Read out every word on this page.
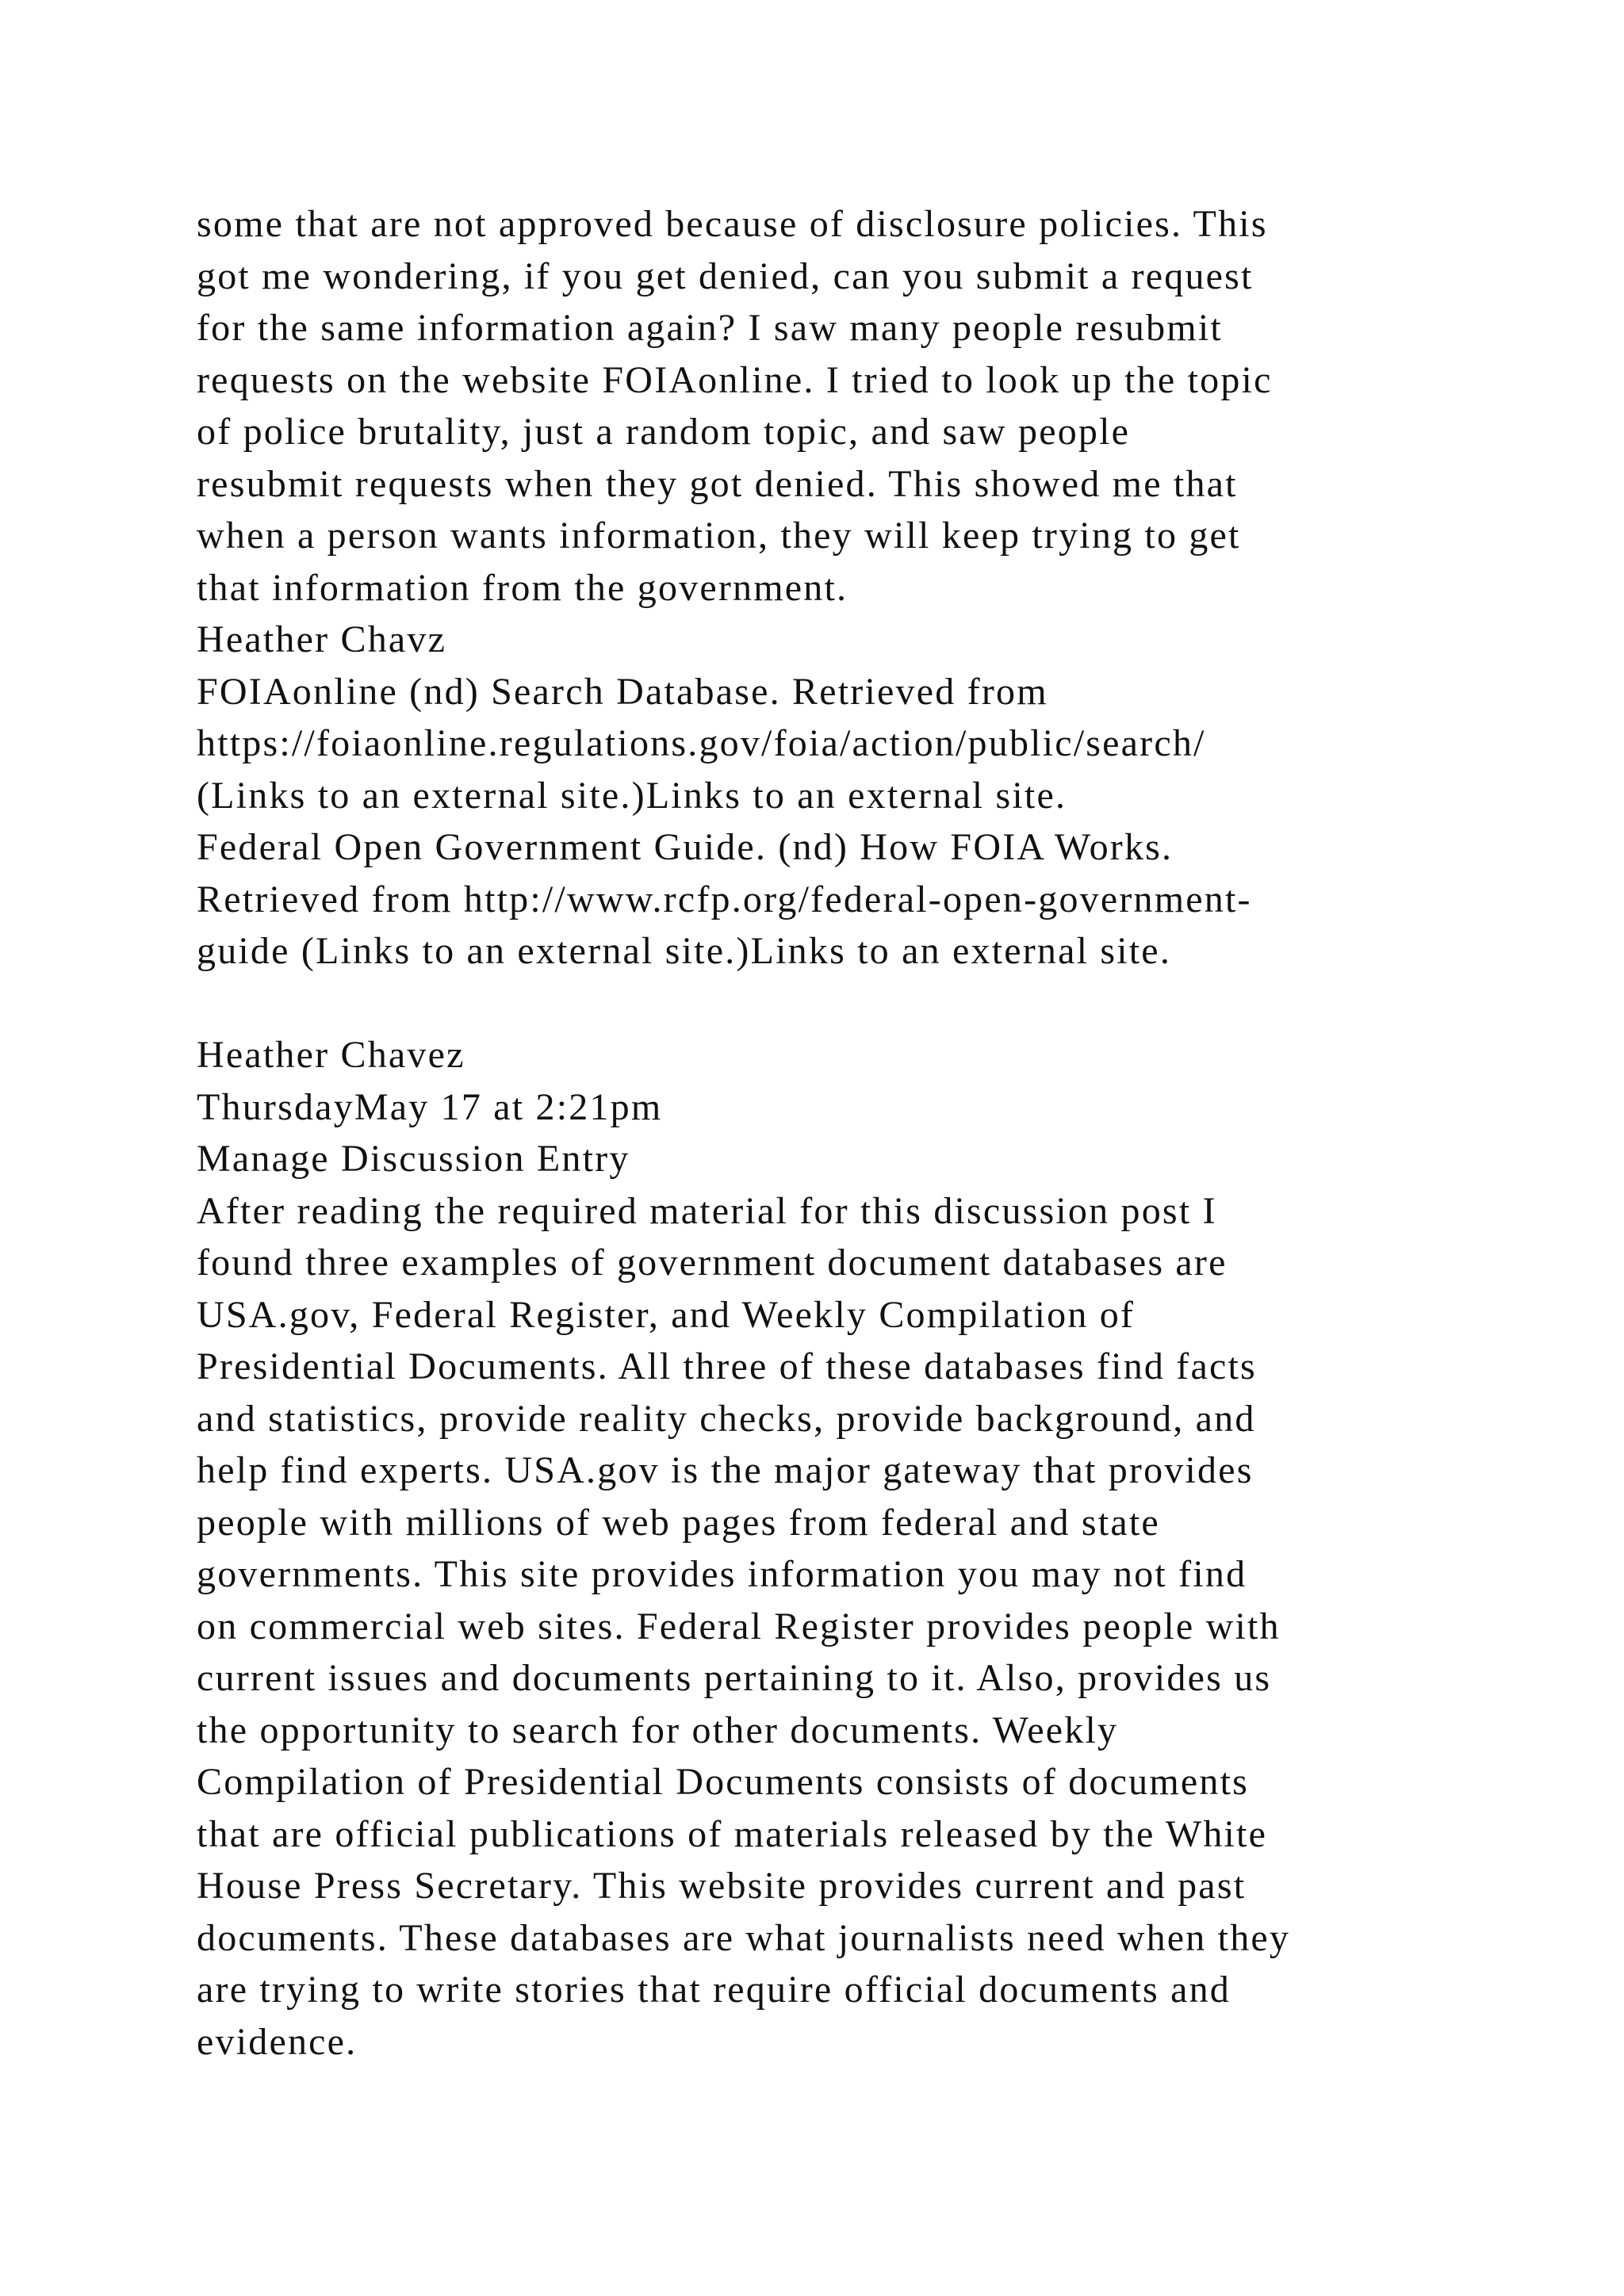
some that are not approved because of disclosure policies. This
got me wondering, if you get denied, can you submit a request
for the same information again? I saw many people resubmit
requests on the website FOIAonline. I tried to look up the topic
of police brutality, just a random topic, and saw people
resubmit requests when they got denied. This showed me that
when a person wants information, they will keep trying to get
that information from the government.
Heather Chavz
FOIAonline (nd) Search Database. Retrieved from
https://foiaonline.regulations.gov/foia/action/public/search/
(Links to an external site.)Links to an external site.
Federal Open Government Guide. (nd) How FOIA Works.
Retrieved from http://www.rcfp.org/federal-open-government-
guide (Links to an external site.)Links to an external site.
Heather Chavez
ThursdayMay 17 at 2:21pm
Manage Discussion Entry
After reading the required material for this discussion post I
found three examples of government document databases are
USA.gov, Federal Register, and Weekly Compilation of
Presidential Documents. All three of these databases find facts
and statistics, provide reality checks, provide background, and
help find experts. USA.gov is the major gateway that provides
people with millions of web pages from federal and state
governments. This site provides information you may not find
on commercial web sites. Federal Register provides people with
current issues and documents pertaining to it. Also, provides us
the opportunity to search for other documents. Weekly
Compilation of Presidential Documents consists of documents
that are official publications of materials released by the White
House Press Secretary. This website provides current and past
documents. These databases are what journalists need when they
are trying to write stories that require official documents and
evidence.
